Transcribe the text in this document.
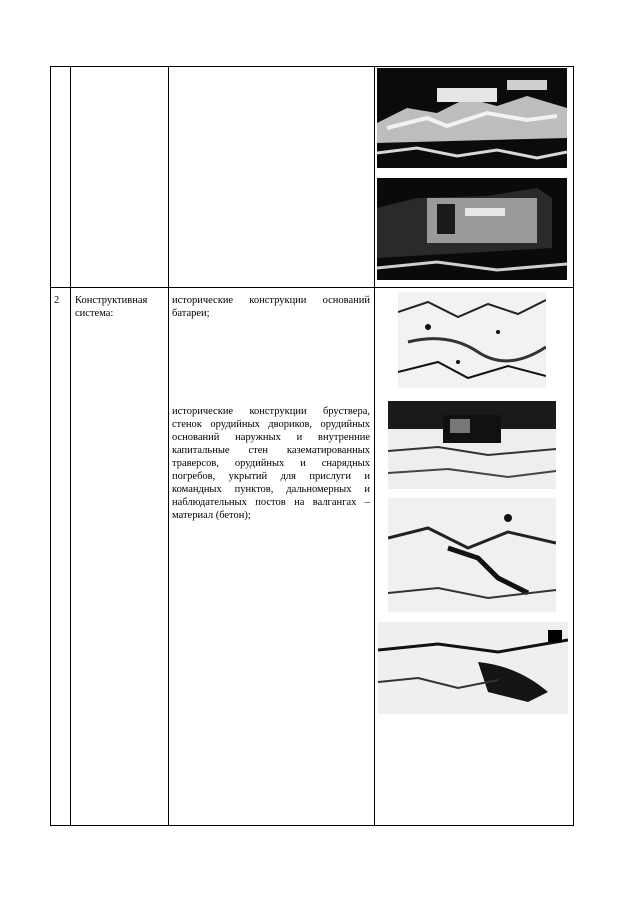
2 Конструктивная система:
исторические конструкции оснований батареи;
исторические конструкции бруствера, стенок орудийных двориков, орудийных оснований наружных и внутренние капитальные стен казематированных траверсов, орудийных и снарядных погребов, укрытий для прислуги и командных пунктов, дальномерных и наблюдательных постов на валгангах – материал (бетон);
